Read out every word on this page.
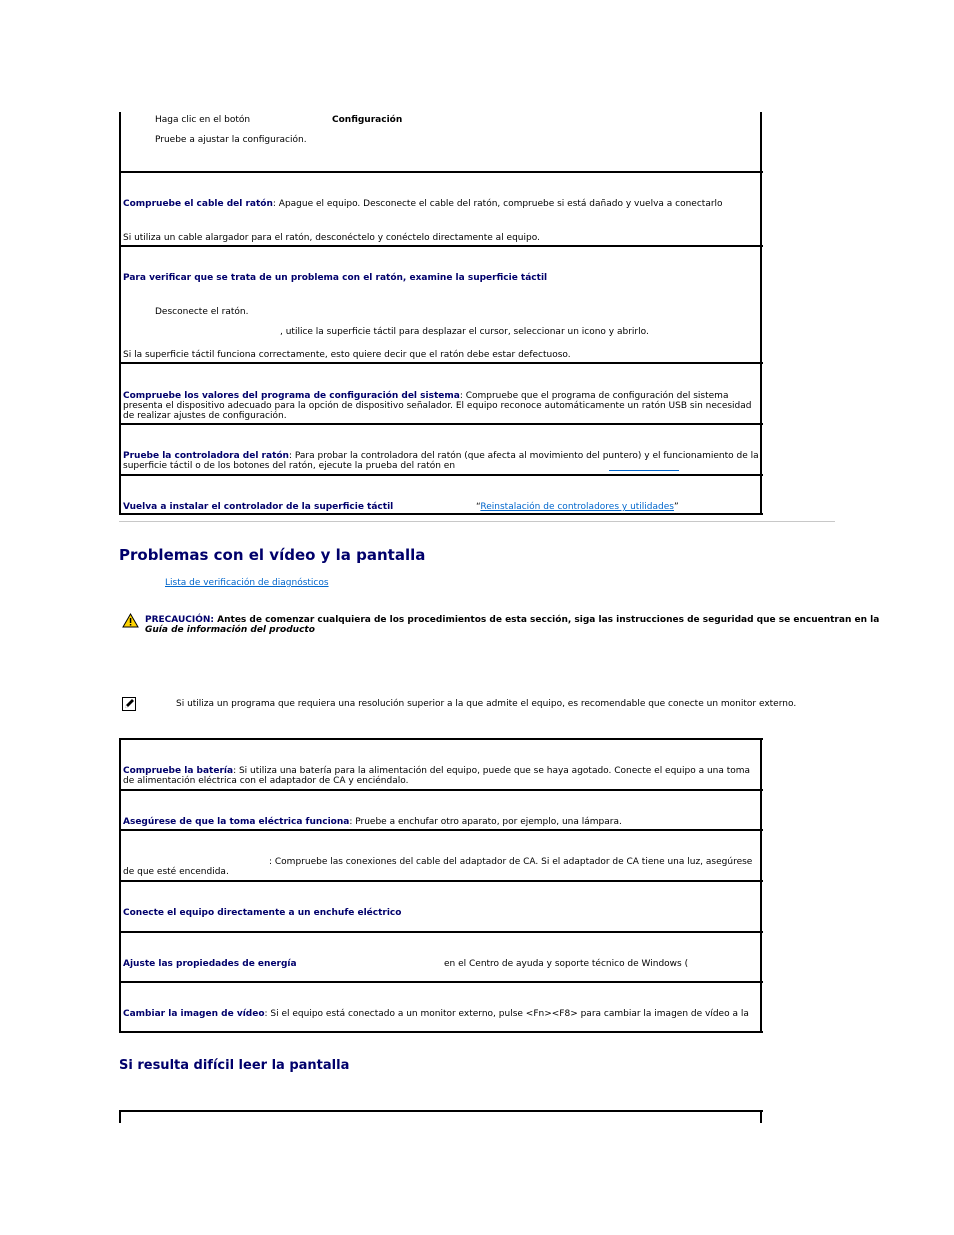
Haga clic en el botón	Configuración
Pruebe a ajustar la configuración.
Compruebe el cable del ratón: Apague el equipo. Desconecte el cable del ratón, compruebe si está dañado y vuelva a conectarlo
Si utiliza un cable alargador para el ratón, desconéctelo y conéctelo directamente al equipo.
Para verificar que se trata de un problema con el ratón, examine la superficie táctil
Desconecte el ratón.
, utilice la superficie táctil para desplazar el cursor, seleccionar un icono y abrirlo.
Si la superficie táctil funciona correctamente, esto quiere decir que el ratón debe estar defectuoso.
Compruebe los valores del programa de configuración del sistema: Compruebe que el programa de configuración del sistema presenta el dispositivo adecuado para la opción de dispositivo señalador. El equipo reconoce automáticamente un ratón USB sin necesidad de realizar ajustes de configuración.
Pruebe la controladora del ratón: Para probar la controladora del ratón (que afecta al movimiento del puntero) y el funcionamiento de la superficie táctil o de los botones del ratón, ejecute la prueba del ratón en
Vuelva a instalar el controlador de la superficie táctil	“Reinstalación de controladores y utilidades”
Problemas con el vídeo y la pantalla
Lista de verificación de diagnósticos
PRECAUCIÓN: Antes de comenzar cualquiera de los procedimientos de esta sección, siga las instrucciones de seguridad que se encuentran en la
Guía de información del producto
Si utiliza un programa que requiera una resolución superior a la que admite el equipo, es recomendable que conecte un monitor externo.
Compruebe la batería: Si utiliza una batería para la alimentación del equipo, puede que se haya agotado. Conecte el equipo a una toma de alimentación eléctrica con el adaptador de CA y enciéndalo.
Asegúrese de que la toma eléctrica funciona: Pruebe a enchufar otro aparato, por ejemplo, una lámpara.
: Compruebe las conexiones del cable del adaptador de CA. Si el adaptador de CA tiene una luz, asegúrese de que esté encendida.
Conecte el equipo directamente a un enchufe eléctrico
Ajuste las propiedades de energía	en el Centro de ayuda y soporte técnico de Windows (
Cambiar la imagen de vídeo: Si el equipo está conectado a un monitor externo, pulse <Fn><F8> para cambiar la imagen de vídeo a la
Si resulta difícil leer la pantalla
